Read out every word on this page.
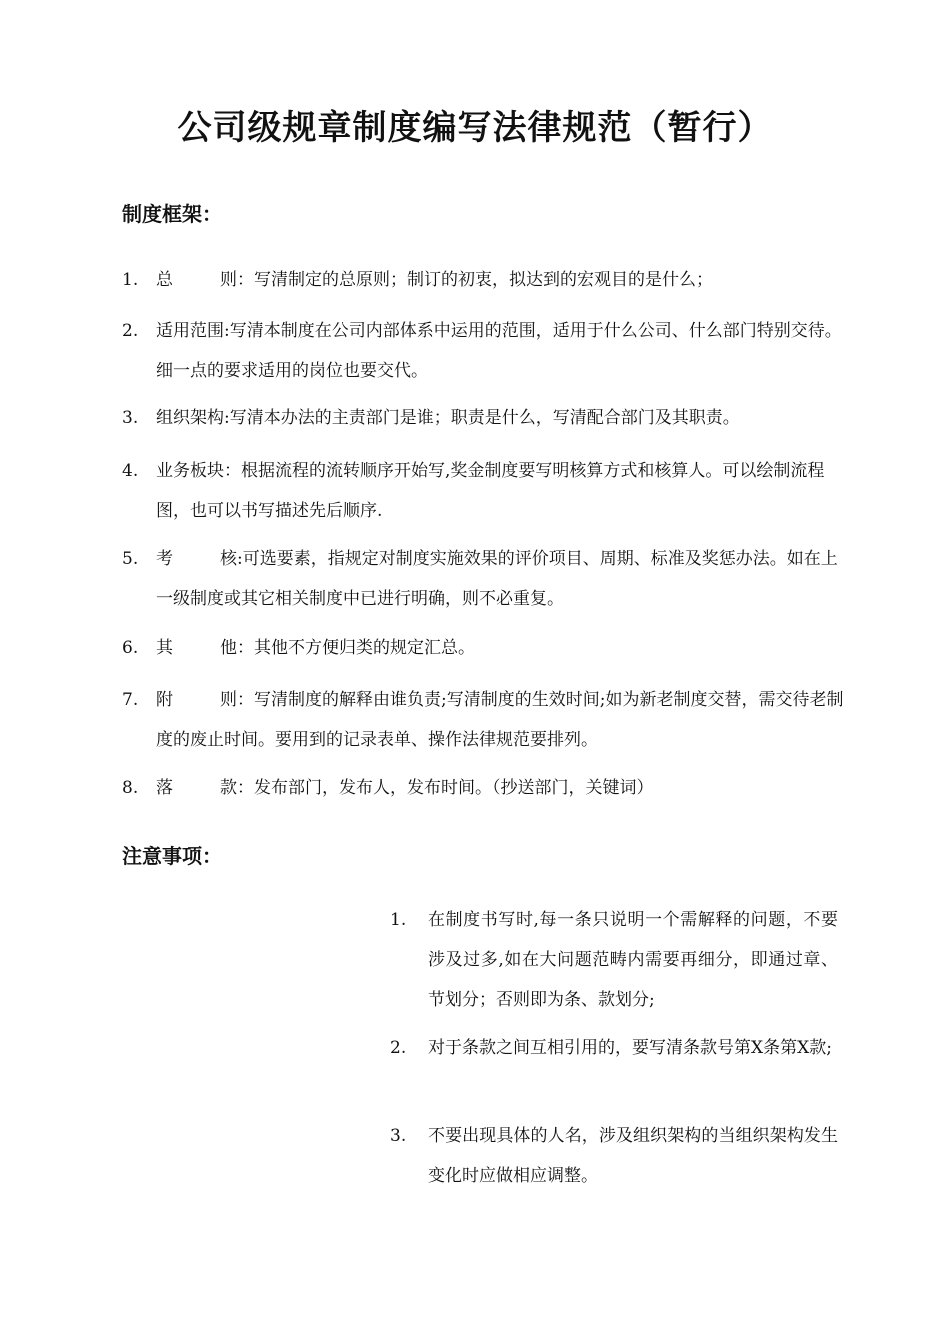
公司级规章制度编写法律规范（暂行）
制度框架：
1. 总则：写清制定的总原则；制订的初衷，拟达到的宏观目的是什么；
2. 适用范围:写清本制度在公司内部体系中运用的范围，适用于什么公司、什么部门特别交待。细一点的要求适用的岗位也要交代。
3. 组织架构:写清本办法的主责部门是谁；职责是什么，写清配合部门及其职责。
4. 业务板块：根据流程的流转顺序开始写,奖金制度要写明核算方式和核算人。可以绘制流程图，也可以书写描述先后顺序.
5. 考核:可选要素，指规定对制度实施效果的评价项目、周期、标准及奖惩办法。如在上一级制度或其它相关制度中已进行明确，则不必重复。
6. 其他：其他不方便归类的规定汇总。
7. 附则：写清制度的解释由谁负责;写清制度的生效时间;如为新老制度交替，需交待老制度的废止时间。要用到的记录表单、操作法律规范要排列。
8. 落款：发布部门，发布人，发布时间。（抄送部门，关键词）
注意事项：
1. 在制度书写时,每一条只说明一个需解释的问题，不要涉及过多,如在大问题范畴内需要再细分，即通过章、节划分；否则即为条、款划分;
2. 对于条款之间互相引用的，要写清条款号第X条第X款;
3. 不要出现具体的人名，涉及组织架构的当组织架构发生变化时应做相应调整。
